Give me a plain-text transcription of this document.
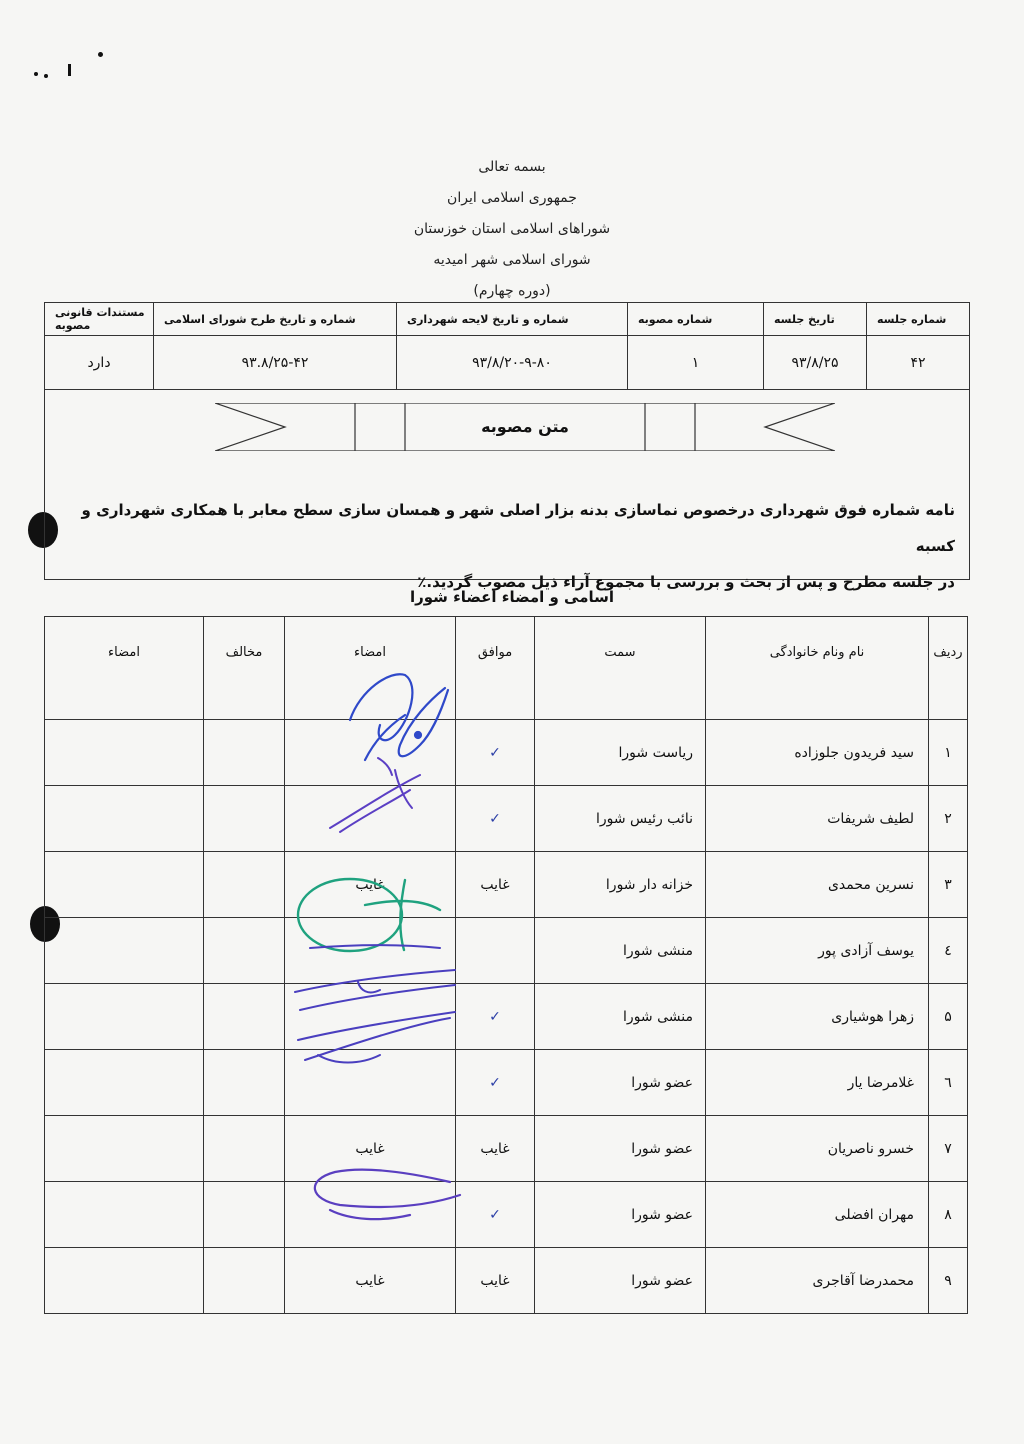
بسمه تعالی
جمهوری اسلامی ایران
شوراهای اسلامی استان خوزستان
شورای اسلامی شهر امیدیه
(دوره چهارم)
شماره جلسه	تاریخ جلسه	شماره مصوبه	شماره و تاریخ لایحه شهرداری	شماره و تاریخ طرح شورای اسلامی	مستندات قانونی مصوبه
۴۲	۹۳/۸/۲۵	۱	۹۳/۸/۲۰-۹-۸۰	۹۳.۸/۲۵-۴۲	دارد
متن مصوبه
نامه شماره فوق شهرداری درخصوص نماسازی بدنه بزار اصلی شهر و همسان سازی سطح معابر با همکاری شهرداری و کسبه
در جلسه مطرح و پس از بحث و بررسی با مجموع آراء ذیل مصوب گردید.٪
اسامی و امضاء اعضاء شورا
ردیف	نام ونام خانوادگی	سمت	موافق	امضاء	مخالف	امضاء
۱	سید فریدون جلوزاده	ریاست شورا	✓			
۲	لطیف شریفات	نائب رئیس شورا	✓			
۳	نسرین محمدی	خزانه دار شورا	غایب	غایب		
٤	یوسف آزادی پور	منشی شورا				
۵	زهرا هوشیاری	منشی شورا	✓			
٦	غلامرضا یار	عضو شورا	✓			
۷	خسرو ناصریان	عضو شورا	غایب	غایب		
۸	مهران افضلی	عضو شورا	✓			
۹	محمدرضا آقاجری	عضو شورا	غایب	غایب		
